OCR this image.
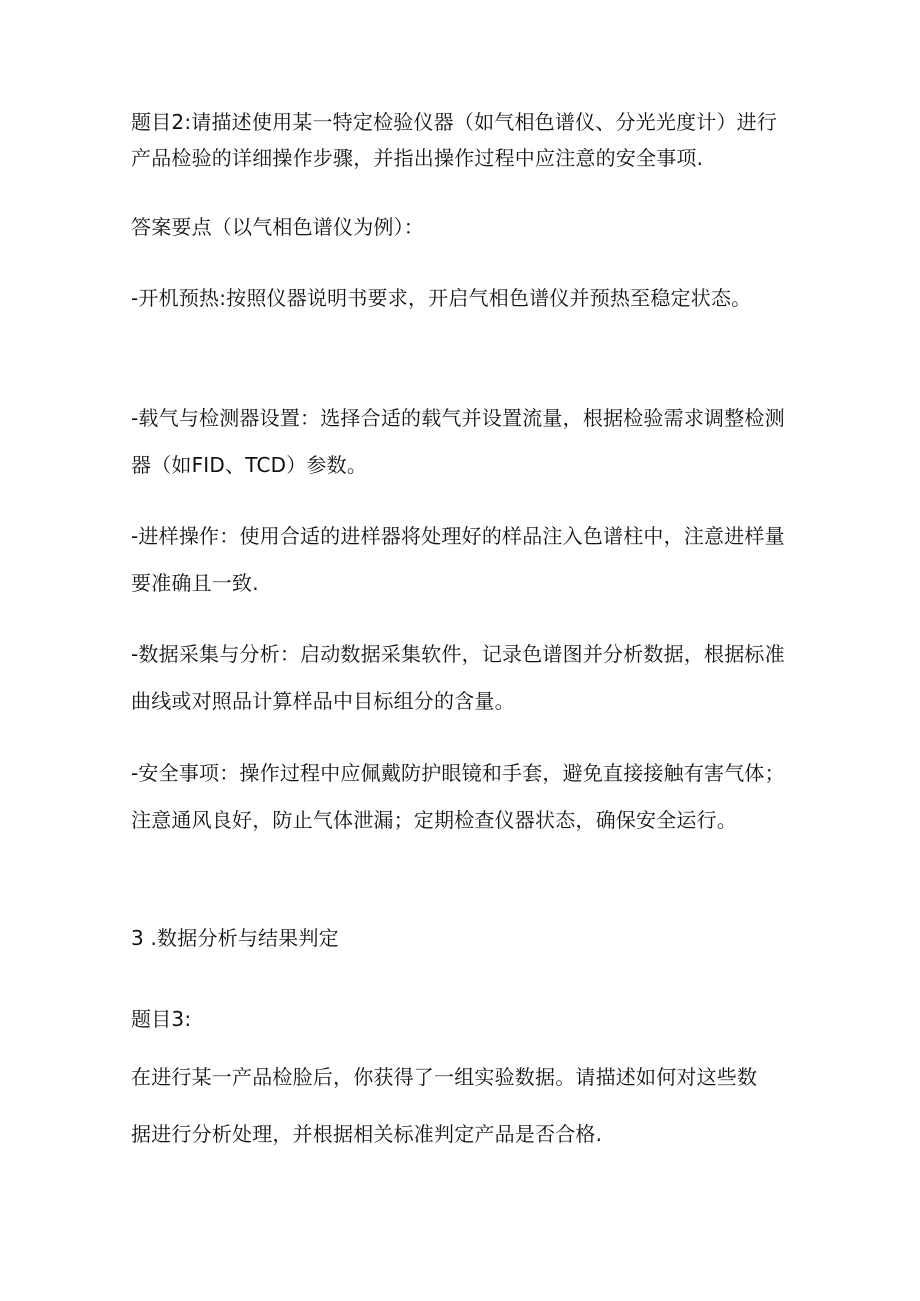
题目2:请描述使用某一特定检验仪器（如气相色谱仪、分光光度计）进行
产品检验的详细操作步骤，并指出操作过程中应注意的安全事项.
答案要点（以气相色谱仪为例）：
-开机预热:按照仪器说明书要求，开启气相色谱仪并预热至稳定状态。
-载气与检测器设置：选择合适的载气并设置流量，根据检验需求调整检测
器（如FID、TCD）参数。
-进样操作：使用合适的进样器将处理好的样品注入色谱柱中，注意进样量
要准确且一致.
-数据采集与分析：启动数据采集软件，记录色谱图并分析数据，根据标准
曲线或对照品计算样品中目标组分的含量。
-安全事项：操作过程中应佩戴防护眼镜和手套，避免直接接触有害气体；
注意通风良好，防止气体泄漏；定期检查仪器状态，确保安全运行。
3 .数据分析与结果判定
题目3:
在进行某一产品检脸后，你获得了一组实验数据。请描述如何对这些数
据进行分析处理，并根据相关标准判定产品是否合格.
